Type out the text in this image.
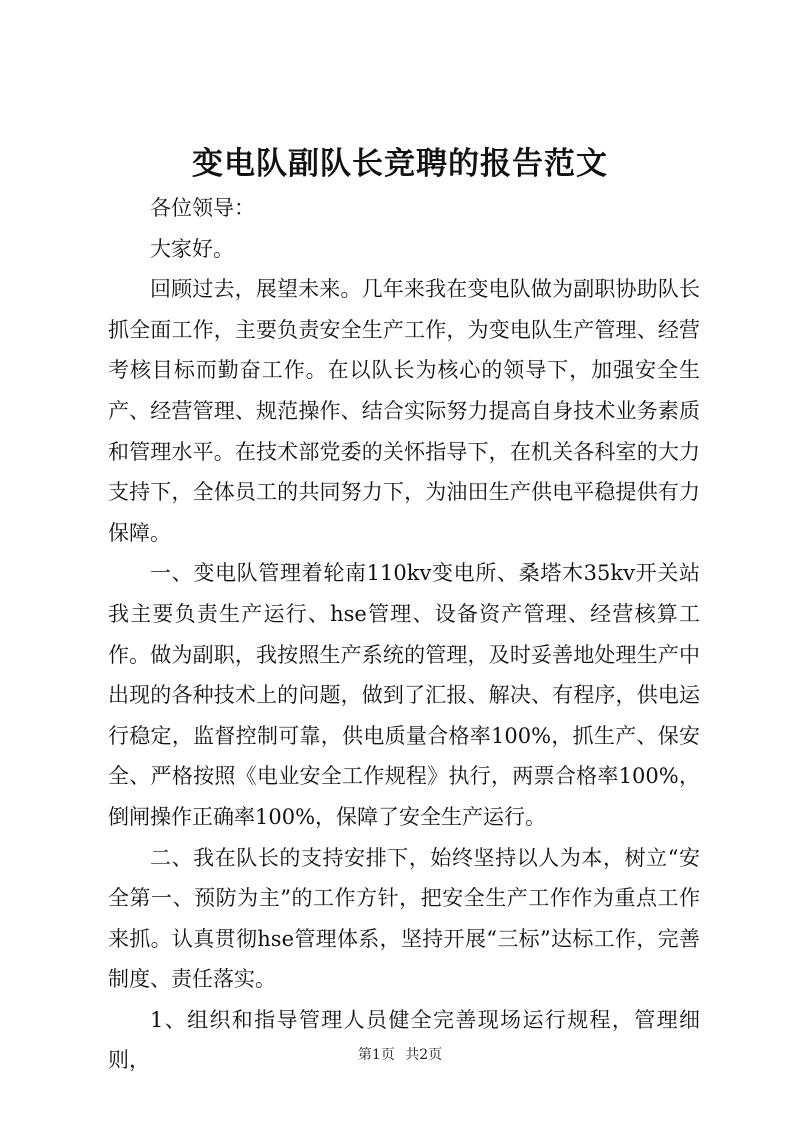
变电队副队长竞聘的报告范文

各位领导：

大家好。

回顾过去，展望未来。几年来我在变电队做为副职协助队长抓全面工作，主要负责安全生产工作，为变电队生产管理、经营考核目标而勤奋工作。在以队长为核心的领导下，加强安全生产、经营管理、规范操作、结合实际努力提高自身技术业务素质和管理水平。在技术部党委的关怀指导下，在机关各科室的大力支持下，全体员工的共同努力下，为油田生产供电平稳提供有力保障。

一、变电队管理着轮南110kv变电所、桑塔木35kv开关站我主要负责生产运行、hse管理、设备资产管理、经营核算工作。做为副职，我按照生产系统的管理，及时妥善地处理生产中出现的各种技术上的问题，做到了汇报、解决、有程序，供电运行稳定，监督控制可靠，供电质量合格率100%，抓生产、保安全、严格按照《电业安全工作规程》执行，两票合格率100%，倒闸操作正确率100%，保障了安全生产运行。

二、我在队长的支持安排下，始终坚持以人为本，树立“安全第一、预防为主”的工作方针，把安全生产工作作为重点工作来抓。认真贯彻hse管理体系，坚持开展“三标”达标工作，完善制度、责任落实。

1、组织和指导管理人员健全完善现场运行规程，管理细则，	第1页 共2页
